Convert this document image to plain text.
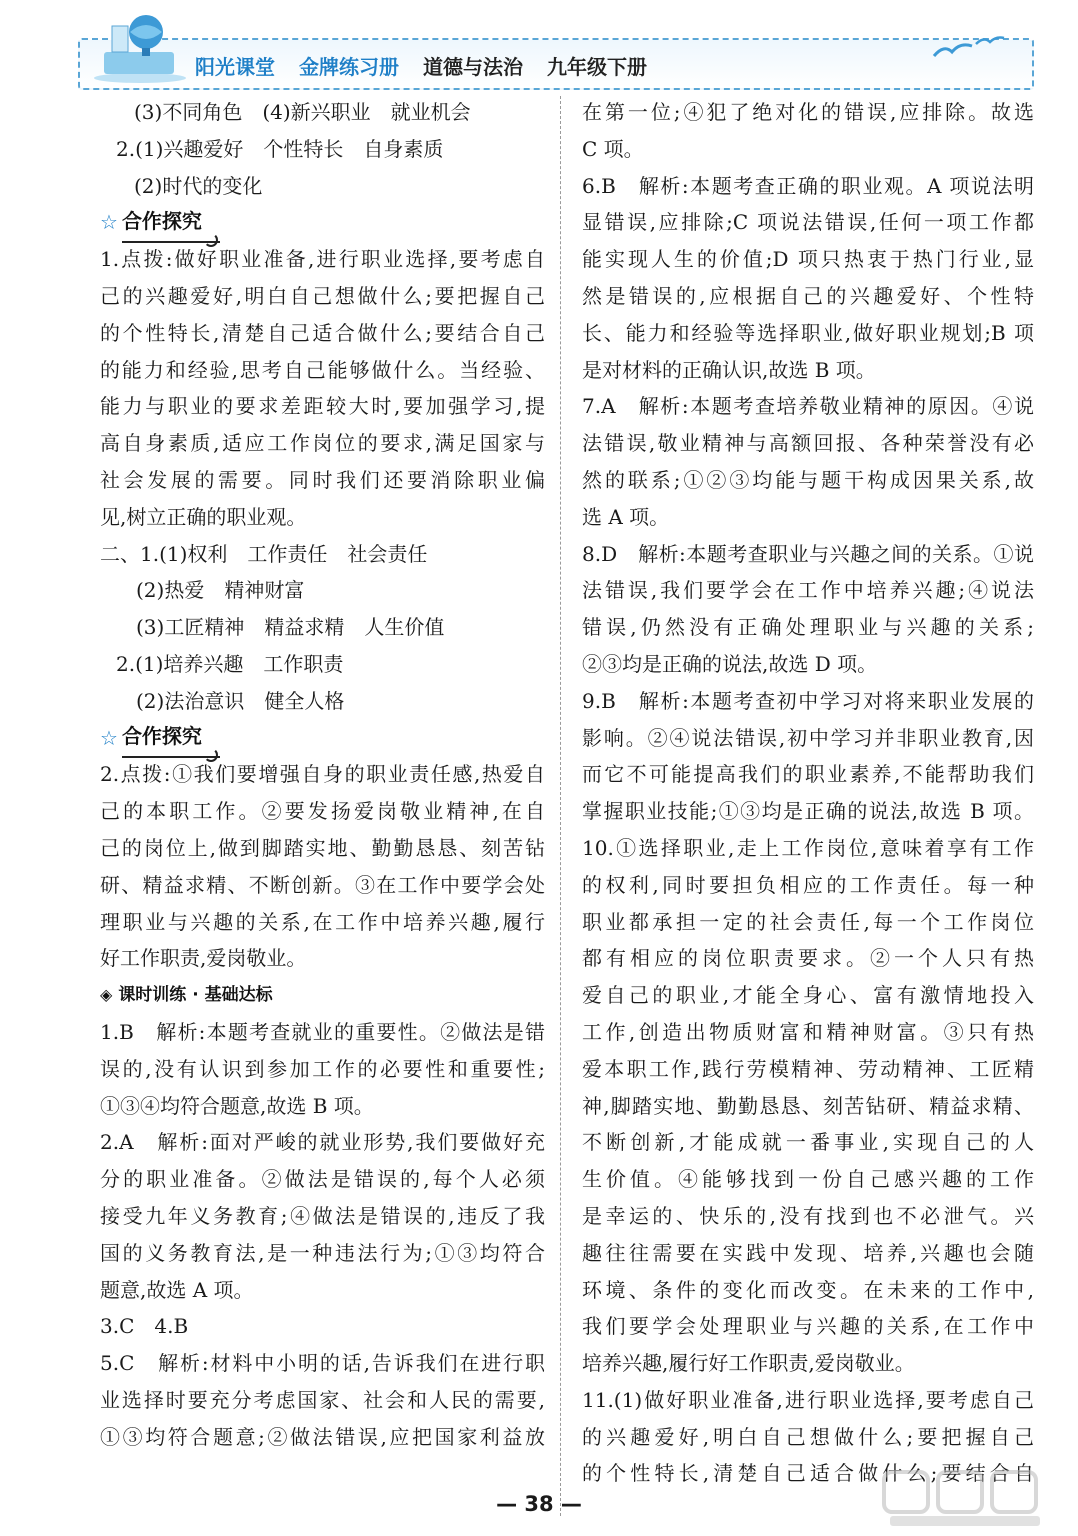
阳光课堂 金牌练习册 道德与法治 九年级下册
(3)不同角色　(4)新兴职业　就业机会
2.(1)兴趣爱好　个性特长　自身素质
(2)时代的变化
☆ 合作探究
1.点拨:做好职业准备,进行职业选择,要考虑自
己的兴趣爱好,明白自己想做什么;要把握自己
的个性特长,清楚自己适合做什么;要结合自己
的能力和经验,思考自己能够做什么。当经验、
能力与职业的要求差距较大时,要加强学习,提
高自身素质,适应工作岗位的要求,满足国家与
社会发展的需要。同时我们还要消除职业偏
见,树立正确的职业观。
二、1.(1)权利　工作责任　社会责任
(2)热爱　精神财富
(3)工匠精神　精益求精　人生价值
2.(1)培养兴趣　工作职责
(2)法治意识　健全人格
☆ 合作探究
2.点拨:①我们要增强自身的职业责任感,热爱自
己的本职工作。②要发扬爱岗敬业精神,在自
己的岗位上,做到脚踏实地、勤勤恳恳、刻苦钻
研、精益求精、不断创新。③在工作中要学会处
理职业与兴趣的关系,在工作中培养兴趣,履行
好工作职责,爱岗敬业。
◈ 课时训练 · 基础达标
1.B　解析:本题考查就业的重要性。②做法是错
误的,没有认识到参加工作的必要性和重要性;
①③④均符合题意,故选 B 项。
2.A　解析:面对严峻的就业形势,我们要做好充
分的职业准备。②做法是错误的,每个人必须
接受九年义务教育;④做法是错误的,违反了我
国的义务教育法,是一种违法行为;①③均符合
题意,故选 A 项。
3.C　4.B
5.C　解析:材料中小明的话,告诉我们在进行职
业选择时要充分考虑国家、社会和人民的需要,
①③均符合题意;②做法错误,应把国家利益放
在第一位;④犯了绝对化的错误,应排除。故选
C 项。
6.B　解析:本题考查正确的职业观。A 项说法明
显错误,应排除;C 项说法错误,任何一项工作都
能实现人生的价值;D 项只热衷于热门行业,显
然是错误的,应根据自己的兴趣爱好、个性特
长、能力和经验等选择职业,做好职业规划;B 项
是对材料的正确认识,故选 B 项。
7.A　解析:本题考查培养敬业精神的原因。④说
法错误,敬业精神与高额回报、各种荣誉没有必
然的联系;①②③均能与题干构成因果关系,故
选 A 项。
8.D　解析:本题考查职业与兴趣之间的关系。①说
法错误,我们要学会在工作中培养兴趣;④说法
错误,仍然没有正确处理职业与兴趣的关系;
②③均是正确的说法,故选 D 项。
9.B　解析:本题考查初中学习对将来职业发展的
影响。②④说法错误,初中学习并非职业教育,因
而它不可能提高我们的职业素养,不能帮助我们
掌握职业技能;①③均是正确的说法,故选 B 项。
10.①选择职业,走上工作岗位,意味着享有工作
的权利,同时要担负相应的工作责任。每一种
职业都承担一定的社会责任,每一个工作岗位
都有相应的岗位职责要求。②一个人只有热
爱自己的职业,才能全身心、富有激情地投入
工作,创造出物质财富和精神财富。③只有热
爱本职工作,践行劳模精神、劳动精神、工匠精
神,脚踏实地、勤勤恳恳、刻苦钻研、精益求精、
不断创新,才能成就一番事业,实现自己的人
生价值。④能够找到一份自己感兴趣的工作
是幸运的、快乐的,没有找到也不必泄气。兴
趣往往需要在实践中发现、培养,兴趣也会随
环境、条件的变化而改变。在未来的工作中,
我们要学会处理职业与兴趣的关系,在工作中
培养兴趣,履行好工作职责,爱岗敬业。
11.(1)做好职业准备,进行职业选择,要考虑自己
的兴趣爱好,明白自己想做什么;要把握自己
的个性特长,清楚自己适合做什么;要结合自
— 38 —
